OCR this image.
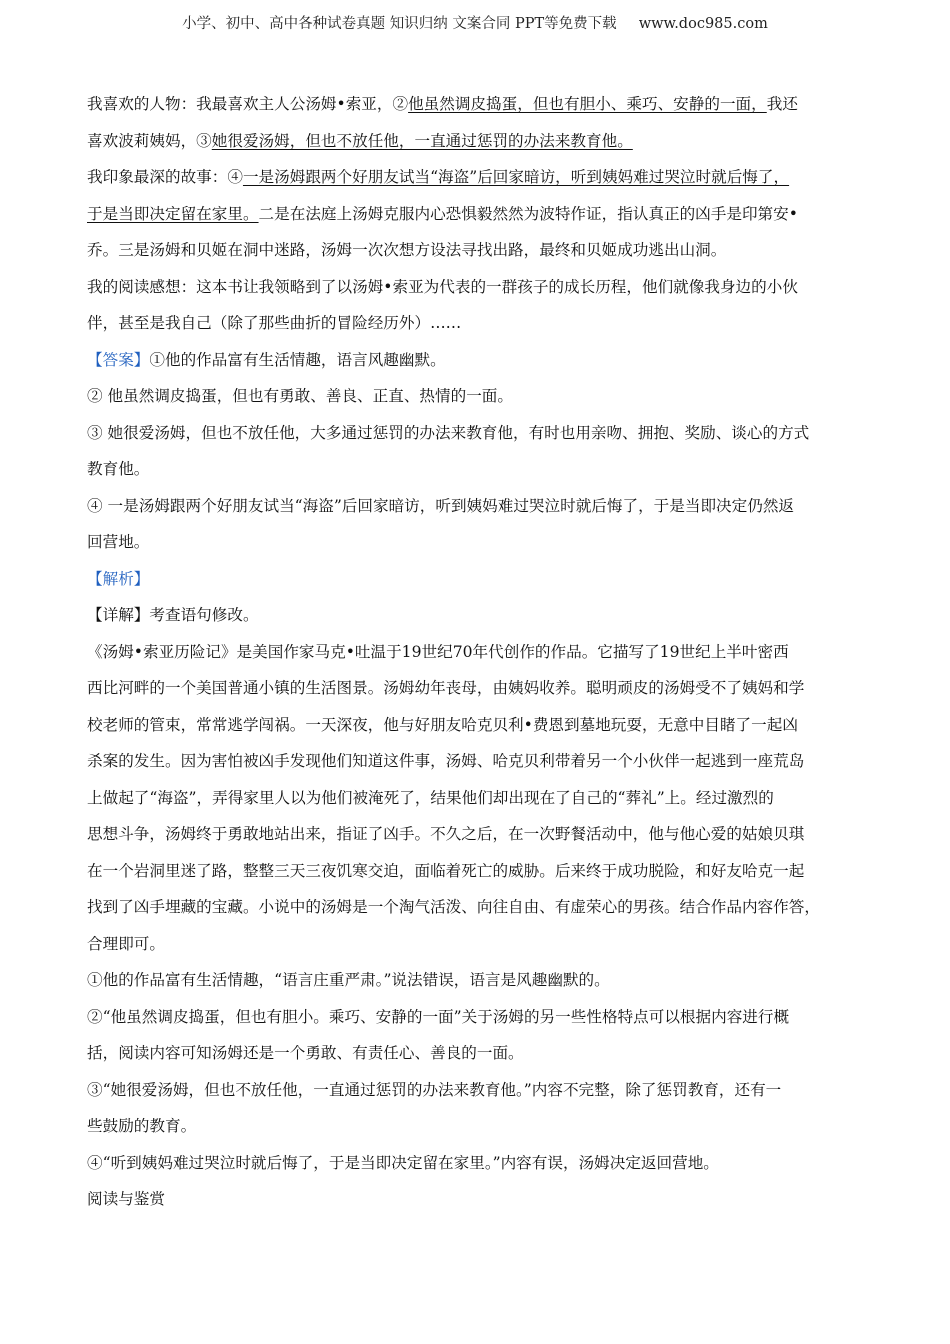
小学、初中、高中各种试卷真题 知识归纳 文案合同 PPT等免费下载 www.doc985.com

我喜欢的人物：我最喜欢主人公汤姆•索亚，②他虽然调皮捣蛋，但也有胆小、乘巧、安静的一面，我还

喜欢波莉姨妈，③她很爱汤姆，但也不放任他，一直通过惩罚的办法来教育他。

我印象最深的故事：④一是汤姆跟两个好朋友试当“海盗”后回家暗访，听到姨妈难过哭泣时就后悔了，

于是当即决定留在家里。二是在法庭上汤姆克服内心恐惧毅然然为波特作证，指认真正的凶手是印第安•

乔。三是汤姆和贝姬在洞中迷路，汤姆一次次想方设法寻找出路，最终和贝姬成功逃出山洞。

我的阅读感想：这本书让我领略到了以汤姆•索亚为代表的一群孩子的成长历程，他们就像我身边的小伙

伴，甚至是我自己（除了那些曲折的冒险经历外）……

【答案】①他的作品富有生活情趣，语言风趣幽默。

② 他虽然调皮捣蛋，但也有勇敢、善良、正直、热情的一面。

③ 她很爱汤姆，但也不放任他，大多通过惩罚的办法来教育他，有时也用亲吻、拥抱、奖励、谈心的方式

教育他。

④ 一是汤姆跟两个好朋友试当“海盗”后回家暗访，听到姨妈难过哭泣时就后悔了，于是当即决定仍然返

回营地。

【解析】

【详解】考查语句修改。

《汤姆•索亚历险记》是美国作家马克•吐温于19世纪70年代创作的作品。它描写了19世纪上半叶密西

西比河畔的一个美国普通小镇的生活图景。汤姆幼年丧母，由姨妈收养。聪明顽皮的汤姆受不了姨妈和学

校老师的管束，常常逃学闯祸。一天深夜，他与好朋友哈克贝利•费恩到墓地玩耍，无意中目睹了一起凶

杀案的发生。因为害怕被凶手发现他们知道这件事，汤姆、哈克贝利带着另一个小伙伴一起逃到一座荒岛

上做起了“海盗”，弄得家里人以为他们被淹死了，结果他们却出现在了自己的“葬礼”上。经过激烈的

思想斗争，汤姆终于勇敢地站出来，指证了凶手。不久之后，在一次野餐活动中，他与他心爱的姑娘贝琪

在一个岩洞里迷了路，整整三天三夜饥寒交迫，面临着死亡的威胁。后来终于成功脱险，和好友哈克一起

找到了凶手埋藏的宝藏。小说中的汤姆是一个淘气活泼、向往自由、有虚荣心的男孩。结合作品内容作答，

合理即可。

①他的作品富有生活情趣，“语言庄重严肃。”说法错误，语言是风趣幽默的。

②“他虽然调皮捣蛋，但也有胆小。乘巧、安静的一面”关于汤姆的另一些性格特点可以根据内容进行概

括，阅读内容可知汤姆还是一个勇敢、有责任心、善良的一面。

③“她很爱汤姆，但也不放任他，一直通过惩罚的办法来教育他。”内容不完整，除了惩罚教育，还有一

些鼓励的教育。

④“听到姨妈难过哭泣时就后悔了，于是当即决定留在家里。”内容有误，汤姆决定返回营地。

阅读与鉴赏
